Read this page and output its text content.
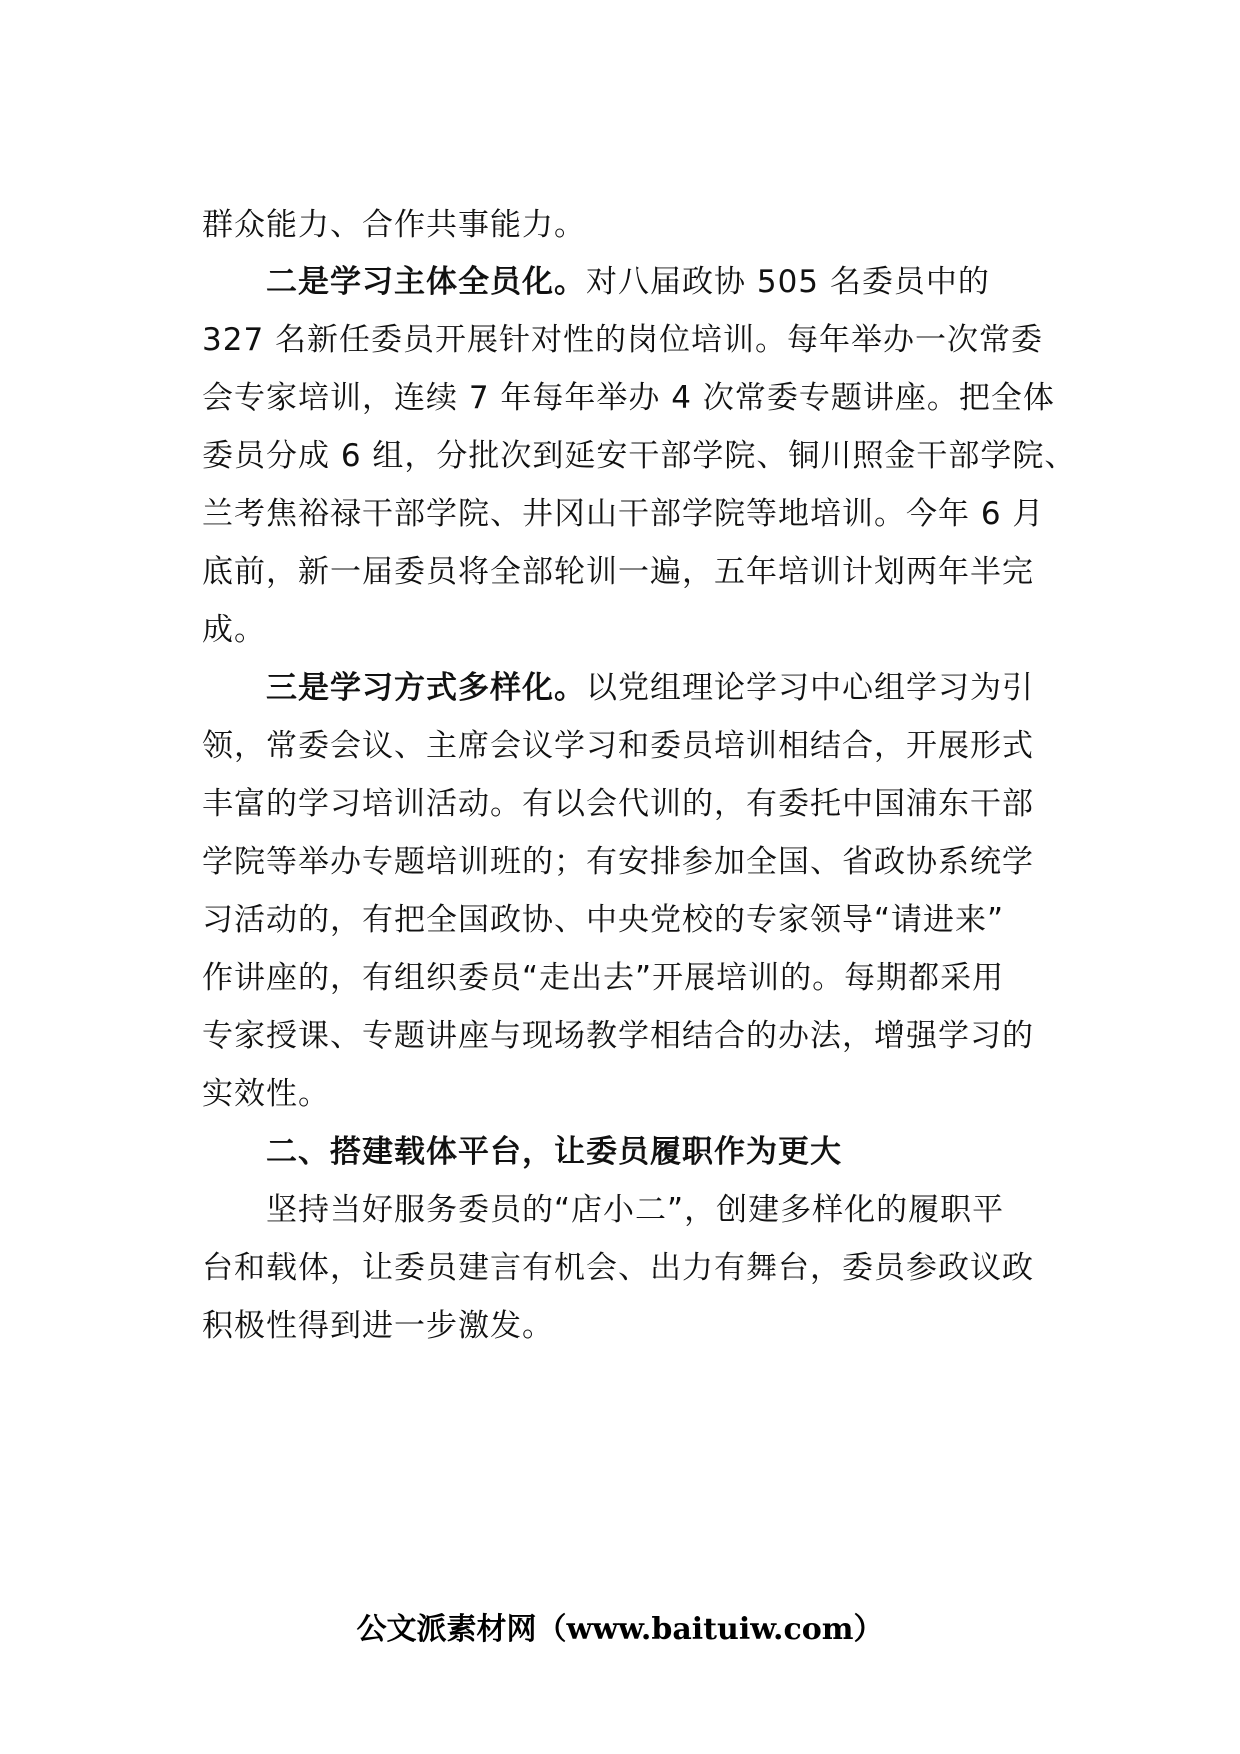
群众能力、合作共事能力。
二是学习主体全员化。对八届政协 505 名委员中的
327 名新任委员开展针对性的岗位培训。每年举办一次常委
会专家培训，连续 7 年每年举办 4 次常委专题讲座。把全体
委员分成 6 组，分批次到延安干部学院、铜川照金干部学院、
兰考焦裕禄干部学院、井冈山干部学院等地培训。今年 6 月
底前，新一届委员将全部轮训一遍，五年培训计划两年半完
成。
三是学习方式多样化。以党组理论学习中心组学习为引
领，常委会议、主席会议学习和委员培训相结合，开展形式
丰富的学习培训活动。有以会代训的，有委托中国浦东干部
学院等举办专题培训班的；有安排参加全国、省政协系统学
习活动的，有把全国政协、中央党校的专家领导“请进来”
作讲座的，有组织委员“走出去”开展培训的。每期都采用
专家授课、专题讲座与现场教学相结合的办法，增强学习的
实效性。
二、搭建载体平台，让委员履职作为更大
坚持当好服务委员的“店小二”，创建多样化的履职平
台和载体，让委员建言有机会、出力有舞台，委员参政议政
积极性得到进一步激发。
公文派素材网（www.baituiw.com）
